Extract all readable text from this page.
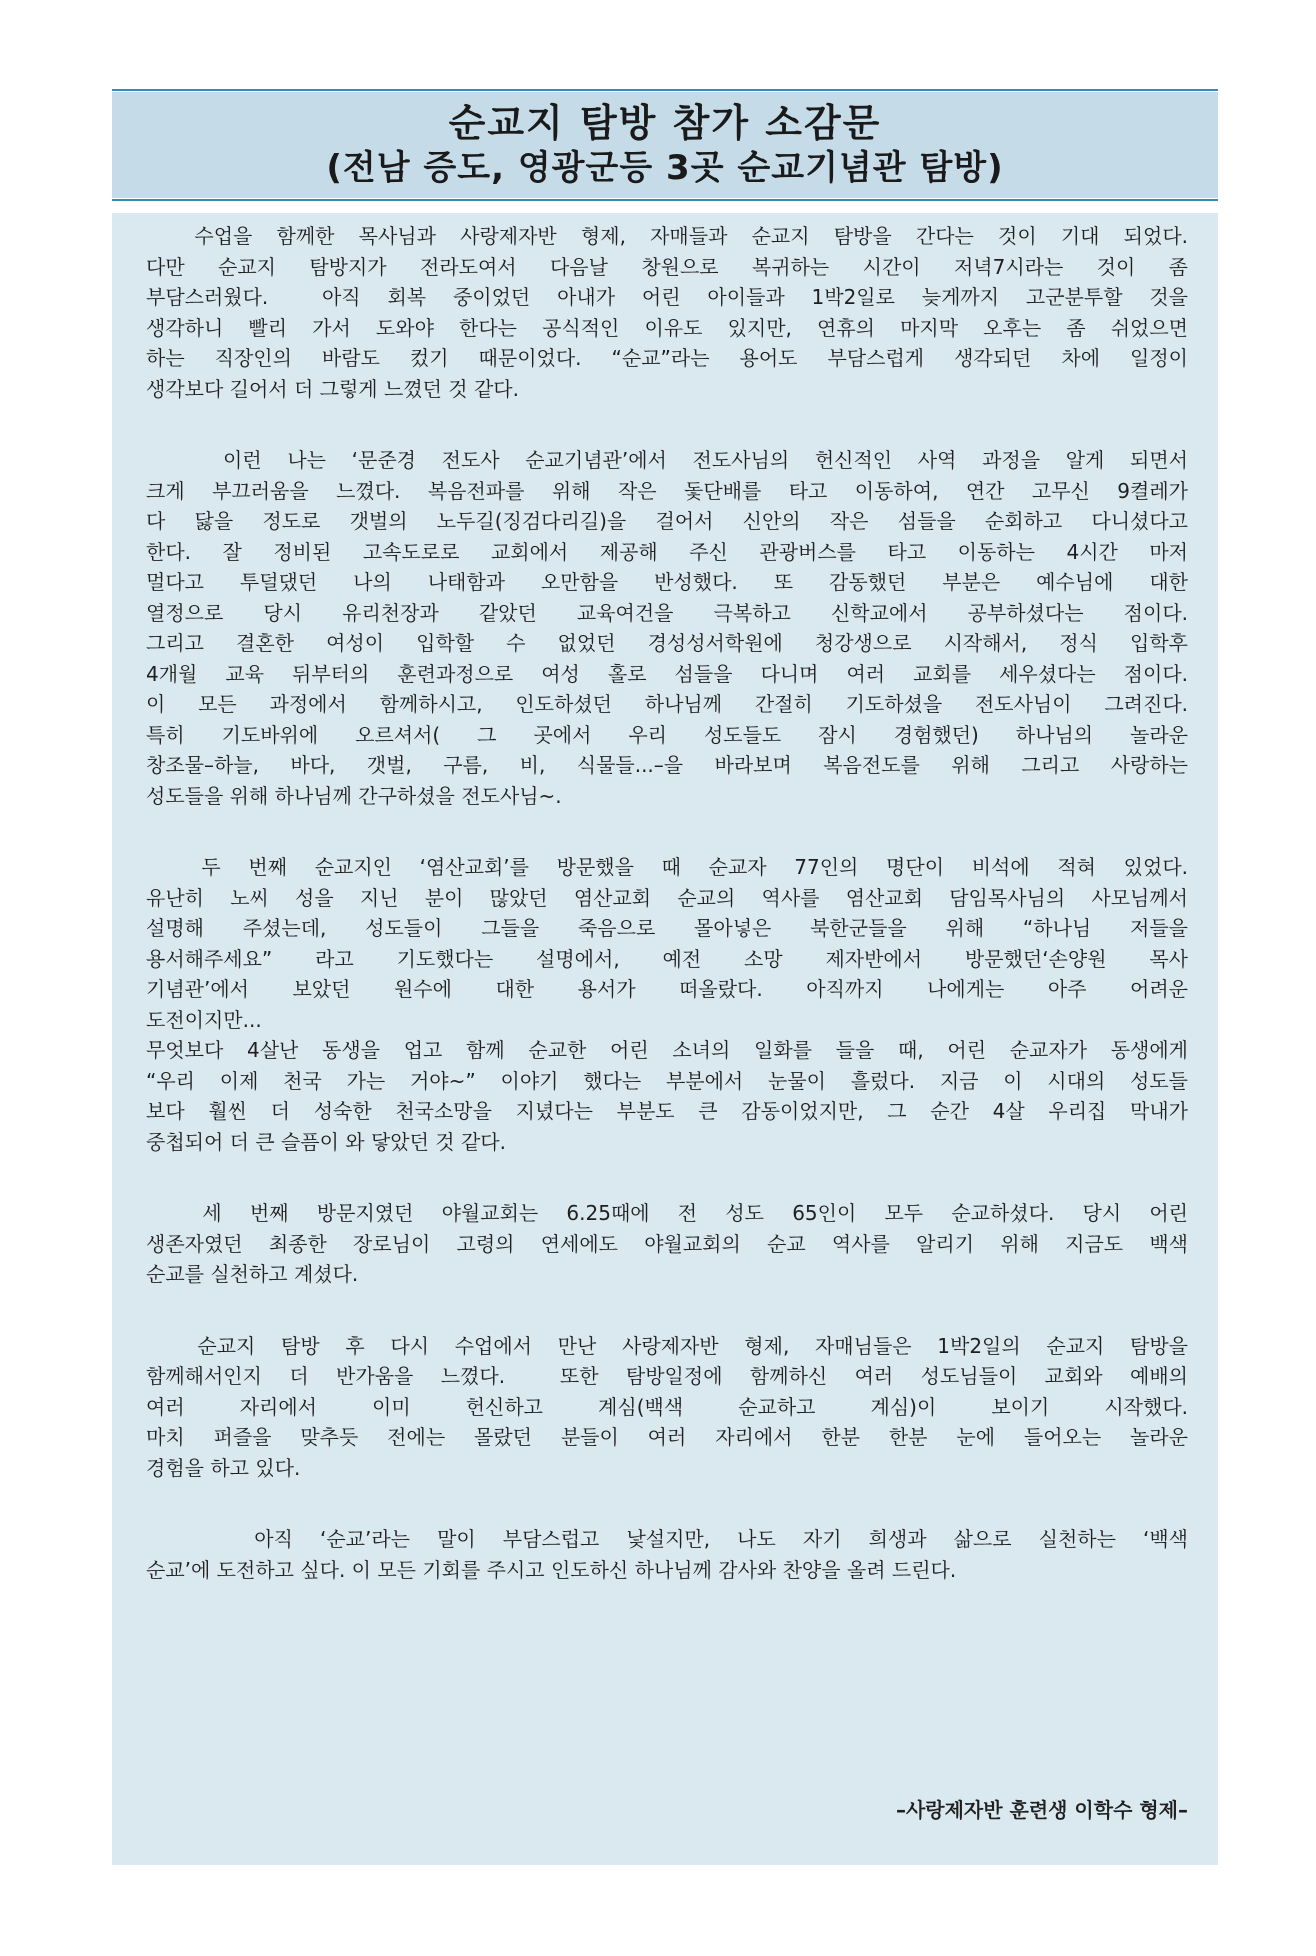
순교지 탐방 참가 소감문
(전남 증도, 영광군등 3곳 순교기념관 탐방)
수업을 함께한 목사님과 사랑제자반 형제, 자매들과 순교지 탐방을 간다는 것이 기대 되었다.
다만 순교지 탐방지가 전라도여서 다음날 창원으로 복귀하는 시간이 저녁7시라는 것이 좀
부담스러웠다.  아직 회복 중이었던 아내가 어린 아이들과 1박2일로 늦게까지 고군분투할 것을
생각하니 빨리 가서 도와야 한다는 공식적인 이유도 있지만, 연휴의 마지막 오후는 좀 쉬었으면
하는 직장인의 바람도 컸기 때문이었다. “순교”라는 용어도 부담스럽게 생각되던 차에 일정이
생각보다 길어서 더 그렇게 느꼈던 것 같다.
이런 나는 ‘문준경 전도사 순교기념관’에서 전도사님의 헌신적인 사역 과정을 알게 되면서
크게 부끄러움을 느꼈다. 복음전파를 위해 작은 돛단배를 타고 이동하여, 연간 고무신 9켤레가
다 닳을 정도로 갯벌의 노두길(징검다리길)을 걸어서 신안의 작은 섬들을 순회하고 다니셨다고
한다. 잘 정비된 고속도로로 교회에서 제공해 주신 관광버스를 타고 이동하는 4시간 마저
멀다고 투덜댔던 나의 나태함과 오만함을 반성했다. 또 감동했던 부분은 예수님에 대한
열정으로 당시 유리천장과 같았던 교육여건을 극복하고 신학교에서 공부하셨다는 점이다.
그리고 결혼한 여성이 입학할 수 없었던 경성성서학원에 청강생으로 시작해서, 정식 입학후
4개월 교육 뒤부터의 훈련과정으로 여성 홀로 섬들을 다니며 여러 교회를 세우셨다는 점이다.
이 모든 과정에서 함께하시고, 인도하셨던 하나님께 간절히 기도하셨을 전도사님이 그려진다.
특히 기도바위에 오르셔서( 그 곳에서 우리 성도들도 잠시 경험했던) 하나님의 놀라운
창조물–하늘, 바다, 갯벌, 구름, 비, 식물들...–을 바라보며 복음전도를 위해 그리고 사랑하는
성도들을 위해 하나님께 간구하셨을 전도사님~.
두 번째 순교지인 ‘염산교회’를 방문했을 때 순교자 77인의 명단이 비석에 적혀 있었다.
유난히 노씨 성을 지닌 분이 많았던 염산교회 순교의 역사를 염산교회 담임목사님의 사모님께서
설명해 주셨는데, 성도들이 그들을 죽음으로 몰아넣은 북한군들을 위해 “하나님 저들을
용서해주세요” 라고 기도했다는 설명에서, 예전 소망 제자반에서 방문했던‘손양원 목사
기념관’에서 보았던 원수에 대한 용서가 떠올랐다. 아직까지 나에게는 아주 어려운
도전이지만...
무엇보다 4살난 동생을 업고 함께 순교한 어린 소녀의 일화를 들을 때, 어린 순교자가 동생에게
“우리 이제 천국 가는 거야~” 이야기 했다는 부분에서 눈물이 흘렀다. 지금 이 시대의 성도들
보다 훨씬 더 성숙한 천국소망을 지녔다는 부분도 큰 감동이었지만, 그 순간 4살 우리집 막내가
중첩되어 더 큰 슬픔이 와 닿았던 것 같다.
세 번째 방문지였던 야월교회는 6.25때에 전 성도 65인이 모두 순교하셨다. 당시 어린
생존자였던 최종한 장로님이 고령의 연세에도 야월교회의 순교 역사를 알리기 위해 지금도 백색
순교를 실천하고 계셨다.
순교지 탐방 후 다시 수업에서 만난 사랑제자반 형제, 자매님들은 1박2일의 순교지 탐방을
함께해서인지 더 반가움을 느꼈다.  또한 탐방일정에 함께하신 여러 성도님들이 교회와 예배의
여러 자리에서 이미 헌신하고 계심(백색 순교하고 계심)이 보이기 시작했다.
마치 퍼즐을 맞추듯 전에는 몰랐던 분들이 여러 자리에서 한분 한분 눈에 들어오는 놀라운
경험을 하고 있다.
아직 ‘순교’라는 말이 부담스럽고 낯설지만, 나도 자기 희생과 삶으로 실천하는 ‘백색
순교’에 도전하고 싶다. 이 모든 기회를 주시고 인도하신 하나님께 감사와 찬양을 올려 드린다.
–사랑제자반 훈련생 이학수 형제–
